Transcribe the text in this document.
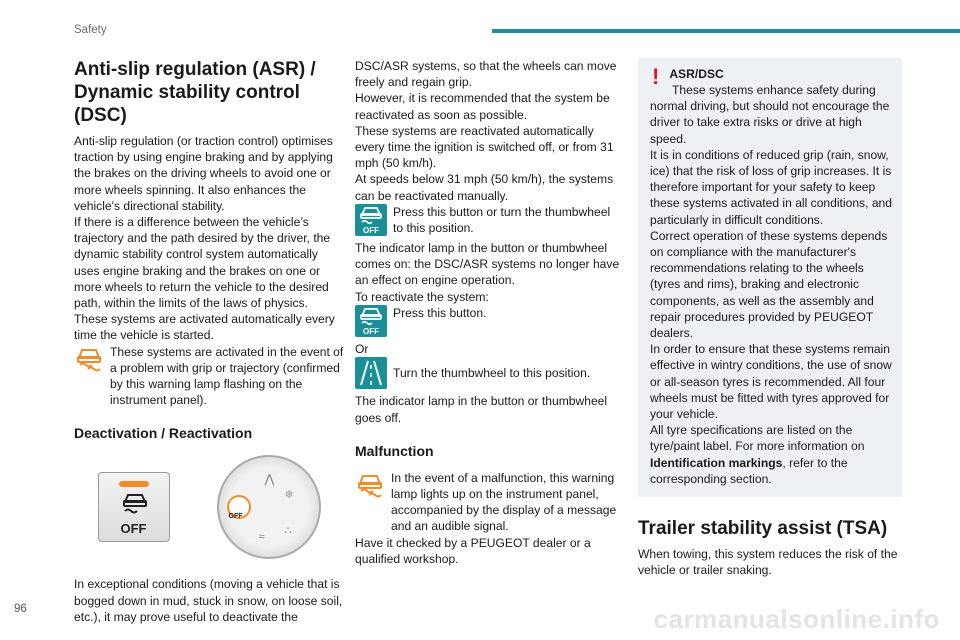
Safety
Anti-slip regulation (ASR) / Dynamic stability control (DSC)

Anti-slip regulation (or traction control) optimises traction by using engine braking and by applying the brakes on the driving wheels to avoid one or more wheels spinning. It also enhances the vehicle's directional stability.

If there is a difference between the vehicle’s trajectory and the path desired by the driver, the dynamic stability control system automatically uses engine braking and the brakes on one or more wheels to return the vehicle to the desired path, within the limits of the laws of physics.

These systems are activated automatically every time the vehicle is started.

These systems are activated in the event of a problem with grip or trajectory (confirmed by this warning lamp flashing on the instrument panel).

Deactivation / Reactivation
OFF
OFF
⋀
❄
≈ ∴

In exceptional conditions (moving a vehicle that is bogged down in mud, stuck in snow, on loose soil, etc.), it may prove useful to deactivate the

DSC/ASR systems, so that the wheels can move freely and regain grip.

However, it is recommended that the system be reactivated as soon as possible.

These systems are reactivated automatically every time the ignition is switched off, or from 31 mph (50 km/h).

At speeds below 31 mph (50 km/h), the systems can be reactivated manually.

OFF

Press this button or turn the thumbwheel to this position.

The indicator lamp in the button or thumbwheel comes on: the DSC/ASR systems no longer have an effect on engine operation.

To reactivate the system:

OFF

Press this button.

Or

Turn the thumbwheel to this position.

The indicator lamp in the button or thumbwheel goes off.

Malfunction

In the event of a malfunction, this warning lamp lights up on the instrument panel, accompanied by the display of a message and an audible signal.

Have it checked by a PEUGEOT dealer or a qualified workshop.

! ASR/DSC

These systems enhance safety during normal driving, but should not encourage the driver to take extra risks or drive at high speed.

It is in conditions of reduced grip (rain, snow, ice) that the risk of loss of grip increases. It is therefore important for your safety to keep these systems activated in all conditions, and particularly in difficult conditions.

Correct operation of these systems depends on compliance with the manufacturer's recommendations relating to the wheels (tyres and rims), braking and electronic components, as well as the assembly and repair procedures provided by PEUGEOT dealers.

In order to ensure that these systems remain effective in wintry conditions, the use of snow or all-season tyres is recommended. All four wheels must be fitted with tyres approved for your vehicle.

All tyre specifications are listed on the tyre/paint label. For more information on Identification markings, refer to the corresponding section.

Trailer stability assist (TSA)

When towing, this system reduces the risk of the vehicle or trailer snaking.

96	carmanualsonline.info
